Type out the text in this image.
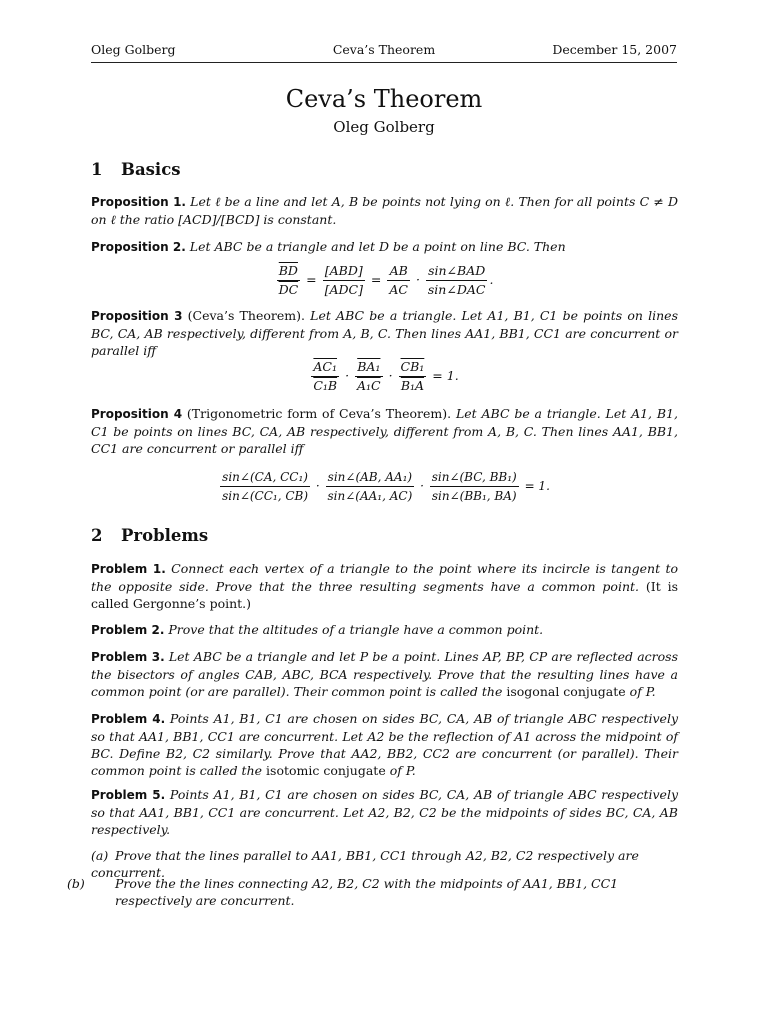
Oleg Golberg	Ceva’s Theorem	December 15, 2007
Ceva’s Theorem
Oleg Golberg
1 Basics
Proposition 1. Let ℓ be a line and let A, B be points not lying on ℓ. Then for all points C ≠ D on ℓ the ratio [ACD]/[BCD] is constant.
Proposition 2. Let ABC be a triangle and let D be a point on line BC. Then
$\frac{\overline{BD}}{DC} = \frac{\text{[ABD]}}{\text{[ADC]}} = \frac{AB}{AC} \cdot \frac{\text{sin∠BAD}}{\text{sin∠DAC}}$ .
Proposition 3 (Ceva’s Theorem). Let ABC be a triangle. Let A1, B1, C1 be points on lines BC, CA, AB respectively, different from A, B, C. Then lines AA1, BB1, CC1 are concurrent or parallel iff
$\frac{\text{AC₁}}{\text{C₁B}} \cdot \frac{\text{BA₁}}{\text{A₁C}} \cdot \frac{\text{CB₁}}{\text{B₁A}} = 1$.
Proposition 4 (Trigonometric form of Ceva’s Theorem). Let ABC be a triangle. Let A1, B1, C1 be points on lines BC, CA, AB respectively, different from A, B, C. Then lines AA1, BB1, CC1 are concurrent or parallel iff
$\frac{\text{sin∠(CA, CC₁)}}{\text{sin∠(CC₁, CB)}} \cdot \frac{\text{sin∠(AB, AA₁)}}{\text{sin∠(AA₁, AC)}} \cdot \frac{\text{sin∠(BC, BB₁)}}{\text{sin∠(BB₁, BA)}} = 1$.
2 Problems
Problem 1. Connect each vertex of a triangle to the point where its incircle is tangent to the opposite side. Prove that the three resulting segments have a common point. (It is called Gergonne’s point.)
Problem 2. Prove that the altitudes of a triangle have a common point.
Problem 3. Let ABC be a triangle and let P be a point. Lines AP, BP, CP are reflected across the bisectors of angles CAB, ABC, BCA respectively. Prove that the resulting lines have a common point (or are parallel). Their common point is called the isogonal conjugate of P.
Problem 4. Points A1, B1, C1 are chosen on sides BC, CA, AB of triangle ABC respectively so that AA1, BB1, CC1 are concurrent. Let A2 be the reflection of A1 across the midpoint of BC. Define B2, C2 similarly. Prove that AA2, BB2, CC2 are concurrent (or parallel). Their common point is called the isotomic conjugate of P.
Problem 5. Points A1, B1, C1 are chosen on sides BC, CA, AB of triangle ABC respectively so that AA1, BB1, CC1 are concurrent. Let A2, B2, C2 be the midpoints of sides BC, CA, AB respectively.
(a) Prove that the lines parallel to AA1, BB1, CC1 through A2, B2, C2 respectively are concurrent.
(b) Prove the the lines connecting A2, B2, C2 with the midpoints of AA1, BB1, CC1 respectively are concurrent.
